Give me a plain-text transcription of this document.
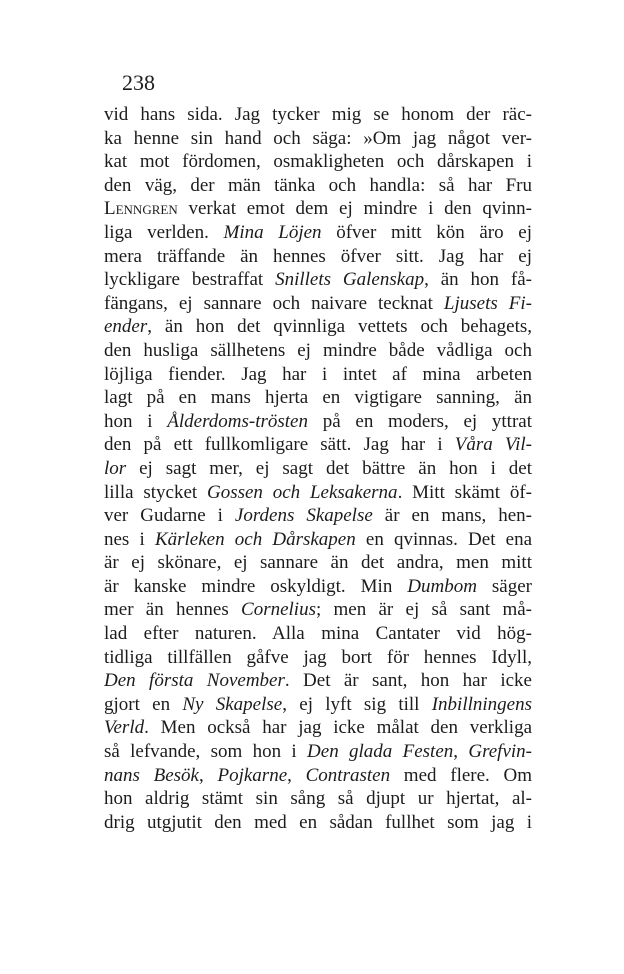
238
vid hans sida. Jag tycker mig se honom der räc-
ka henne sin hand och säga: »Om jag något ver-
kat mot fördomen, osmakligheten och dårskapen i
den väg, der män tänka och handla: så har Fru
Lenngren verkat emot dem ej mindre i den qvinn-
liga verlden. Mina Löjen öfver mitt kön äro ej
mera träffande än hennes öfver sitt. Jag har ej
lyckligare bestraffat Snillets Galenskap, än hon få-
fängans, ej sannare och naivare tecknat Ljusets Fi-
ender, än hon det qvinnliga vettets och behagets,
den husliga sällhetens ej mindre både vådliga och
löjliga fiender. Jag har i intet af mina arbeten
lagt på en mans hjerta en vigtigare sanning, än
hon i Ålderdoms-trösten på en moders, ej yttrat
den på ett fullkomligare sätt. Jag har i Våra Vil-
lor ej sagt mer, ej sagt det bättre än hon i det
lilla stycket Gossen och Leksakerna. Mitt skämt öf-
ver Gudarne i Jordens Skapelse är en mans, hen-
nes i Kärleken och Dårskapen en qvinnas. Det ena
är ej skönare, ej sannare än det andra, men mitt
är kanske mindre oskyldigt. Min Dumbom säger
mer än hennes Cornelius; men är ej så sant må-
lad efter naturen. Alla mina Cantater vid hög-
tidliga tillfällen gåfve jag bort för hennes Idyll,
Den första November. Det är sant, hon har icke
gjort en Ny Skapelse, ej lyft sig till Inbillningens
Verld. Men också har jag icke målat den verkliga
så lefvande, som hon i Den glada Festen, Grefvin-
nans Besök, Pojkarne, Contrasten med flere. Om
hon aldrig stämt sin sång så djupt ur hjertat, al-
drig utgjutit den med en sådan fullhet som jag i
